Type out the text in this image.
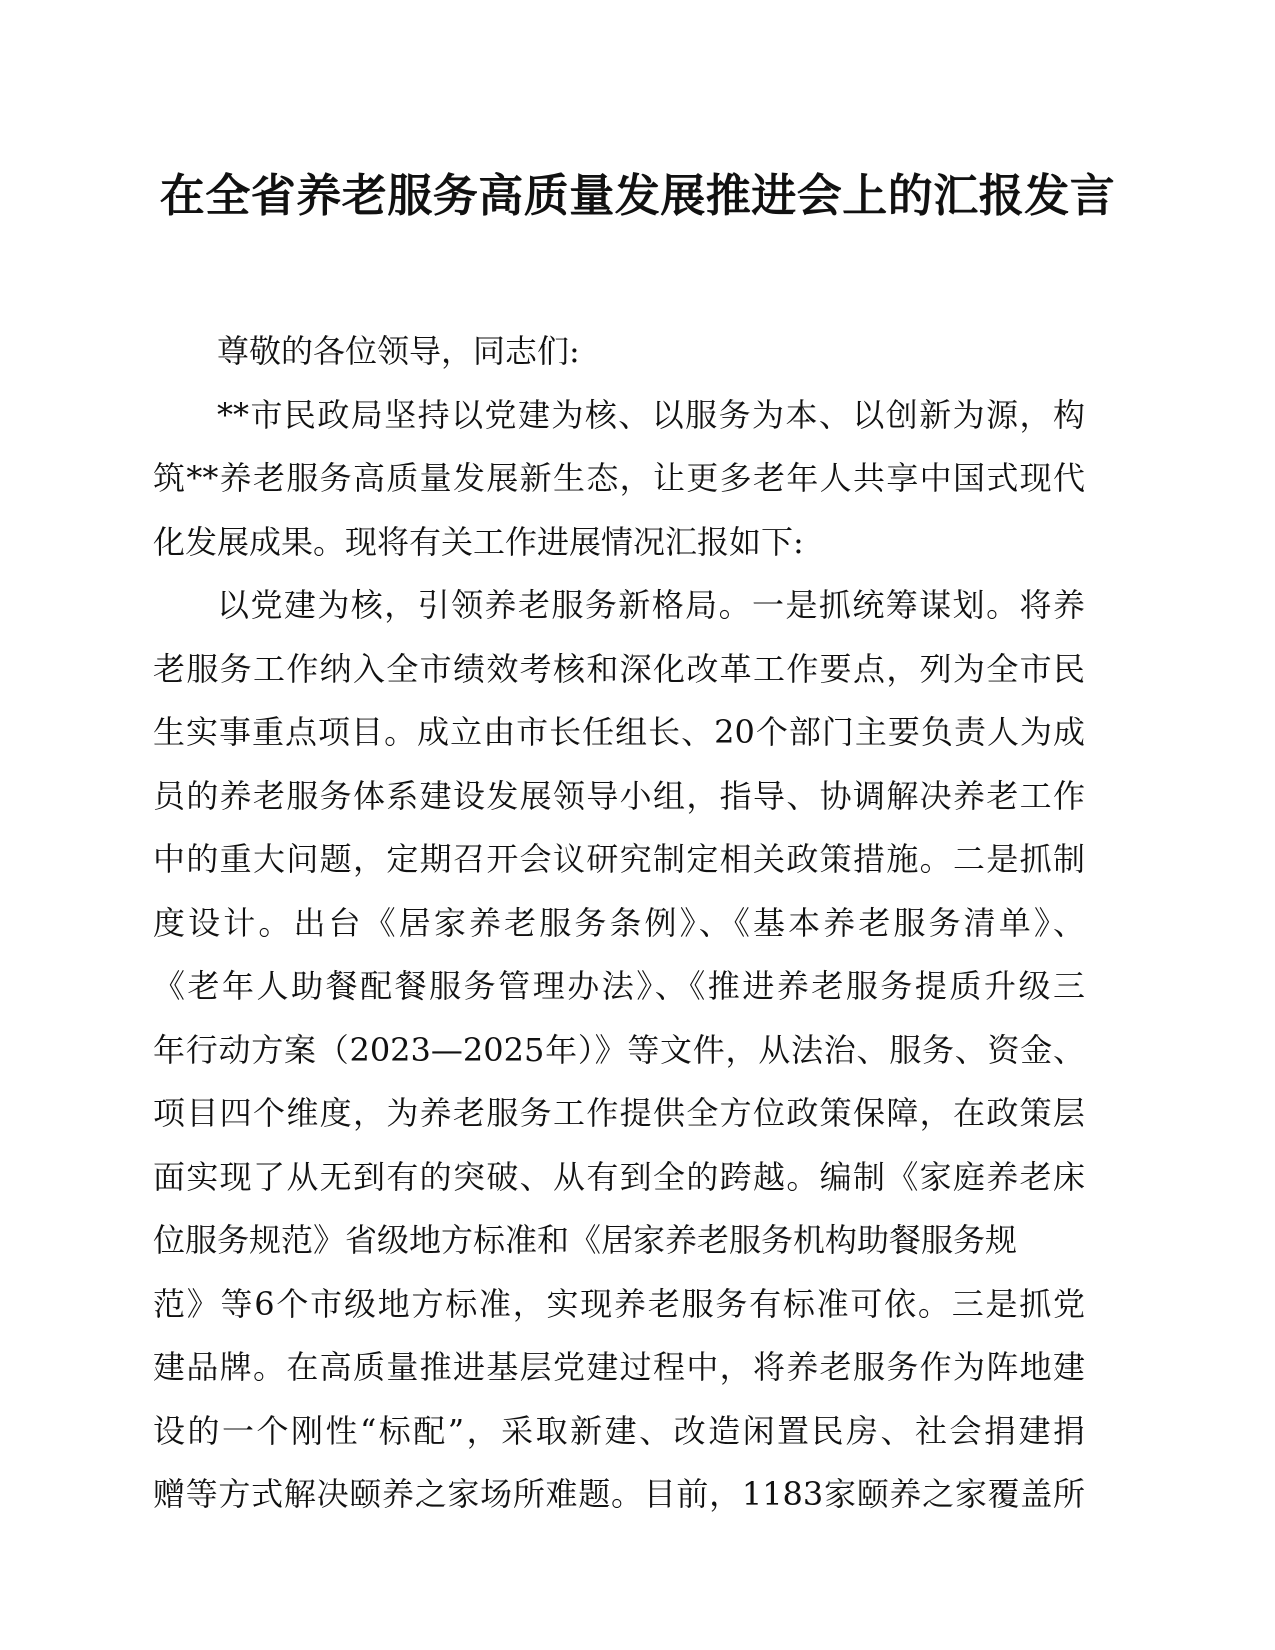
在全省养老服务高质量发展推进会上的汇报发言
尊敬的各位领导，同志们:
**市民政局坚持以党建为核、以服务为本、以创新为源，构
筑**养老服务高质量发展新生态，让更多老年人共享中国式现代
化发展成果。现将有关工作进展情况汇报如下:
以党建为核，引领养老服务新格局。一是抓统筹谋划。将养
老服务工作纳入全市绩效考核和深化改革工作要点，列为全市民
生实事重点项目。成立由市长任组长、20个部门主要负责人为成
员的养老服务体系建设发展领导小组，指导、协调解决养老工作
中的重大问题，定期召开会议研究制定相关政策措施。二是抓制
度设计。出台《居家养老服务条例》、《基本养老服务清单》、
《老年人助餐配餐服务管理办法》、《推进养老服务提质升级三
年行动方案（2023—2025年）》等文件，从法治、服务、资金、
项目四个维度，为养老服务工作提供全方位政策保障，在政策层
面实现了从无到有的突破、从有到全的跨越。编制《家庭养老床
位服务规范》省级地方标准和《居家养老服务机构助餐服务规
范》等6个市级地方标准，实现养老服务有标准可依。三是抓党
建品牌。在高质量推进基层党建过程中，将养老服务作为阵地建
设的一个刚性“标配”，采取新建、改造闲置民房、社会捐建捐
赠等方式解决颐养之家场所难题。目前，1183家颐养之家覆盖所
